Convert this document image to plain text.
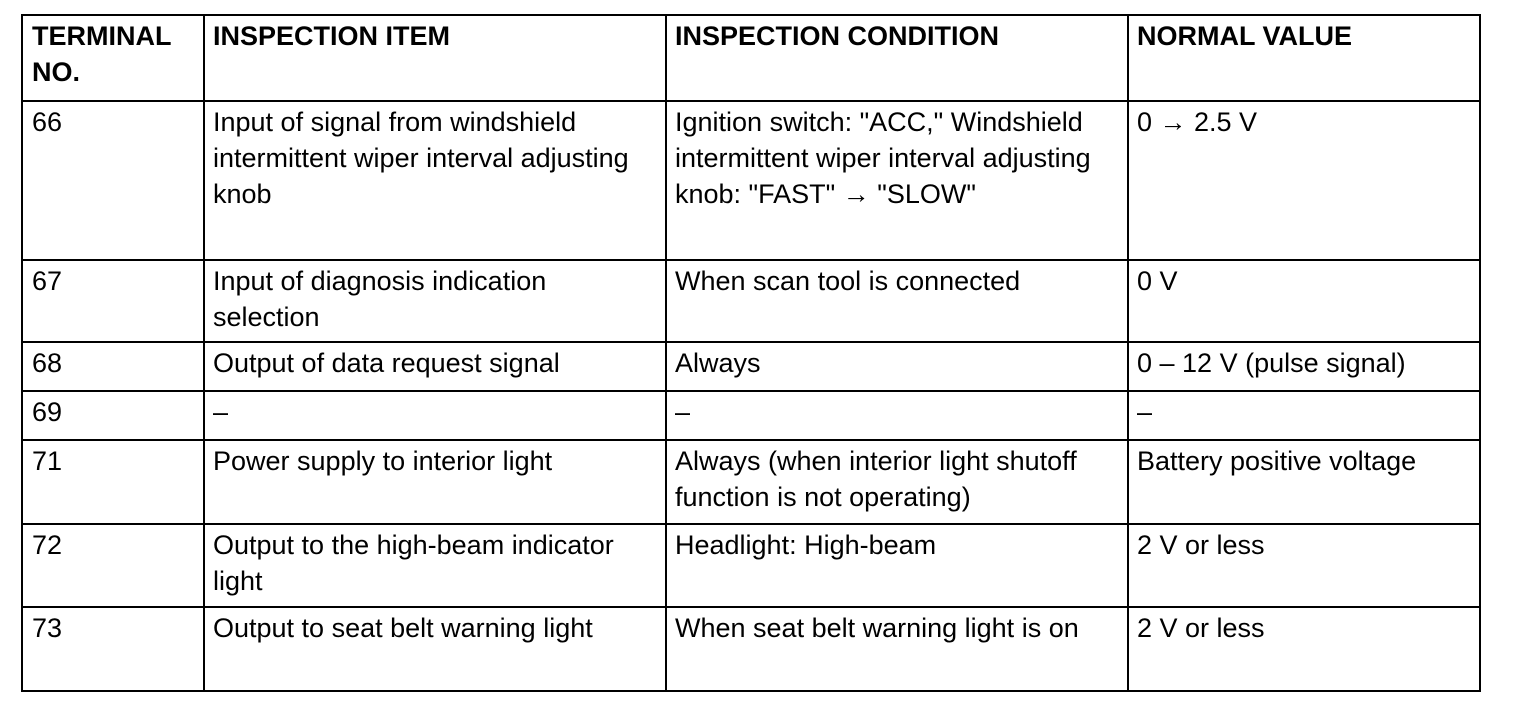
TERMINAL NO.	INSPECTION ITEM	INSPECTION CONDITION	NORMAL VALUE
66	Input of signal from windshield intermittent wiper interval adjusting knob	Ignition switch: "ACC," Windshield intermittent wiper interval adjusting knob: "FAST" → "SLOW"	0 → 2.5 V
67	Input of diagnosis indication selection	When scan tool is connected	0 V
68	Output of data request signal	Always	0 – 12 V (pulse signal)
69	–	–	–
71	Power supply to interior light	Always (when interior light shutoff function is not operating)	Battery positive voltage
72	Output to the high-beam indicator light	Headlight: High-beam	2 V or less
73	Output to seat belt warning light	When seat belt warning light is on	2 V or less
